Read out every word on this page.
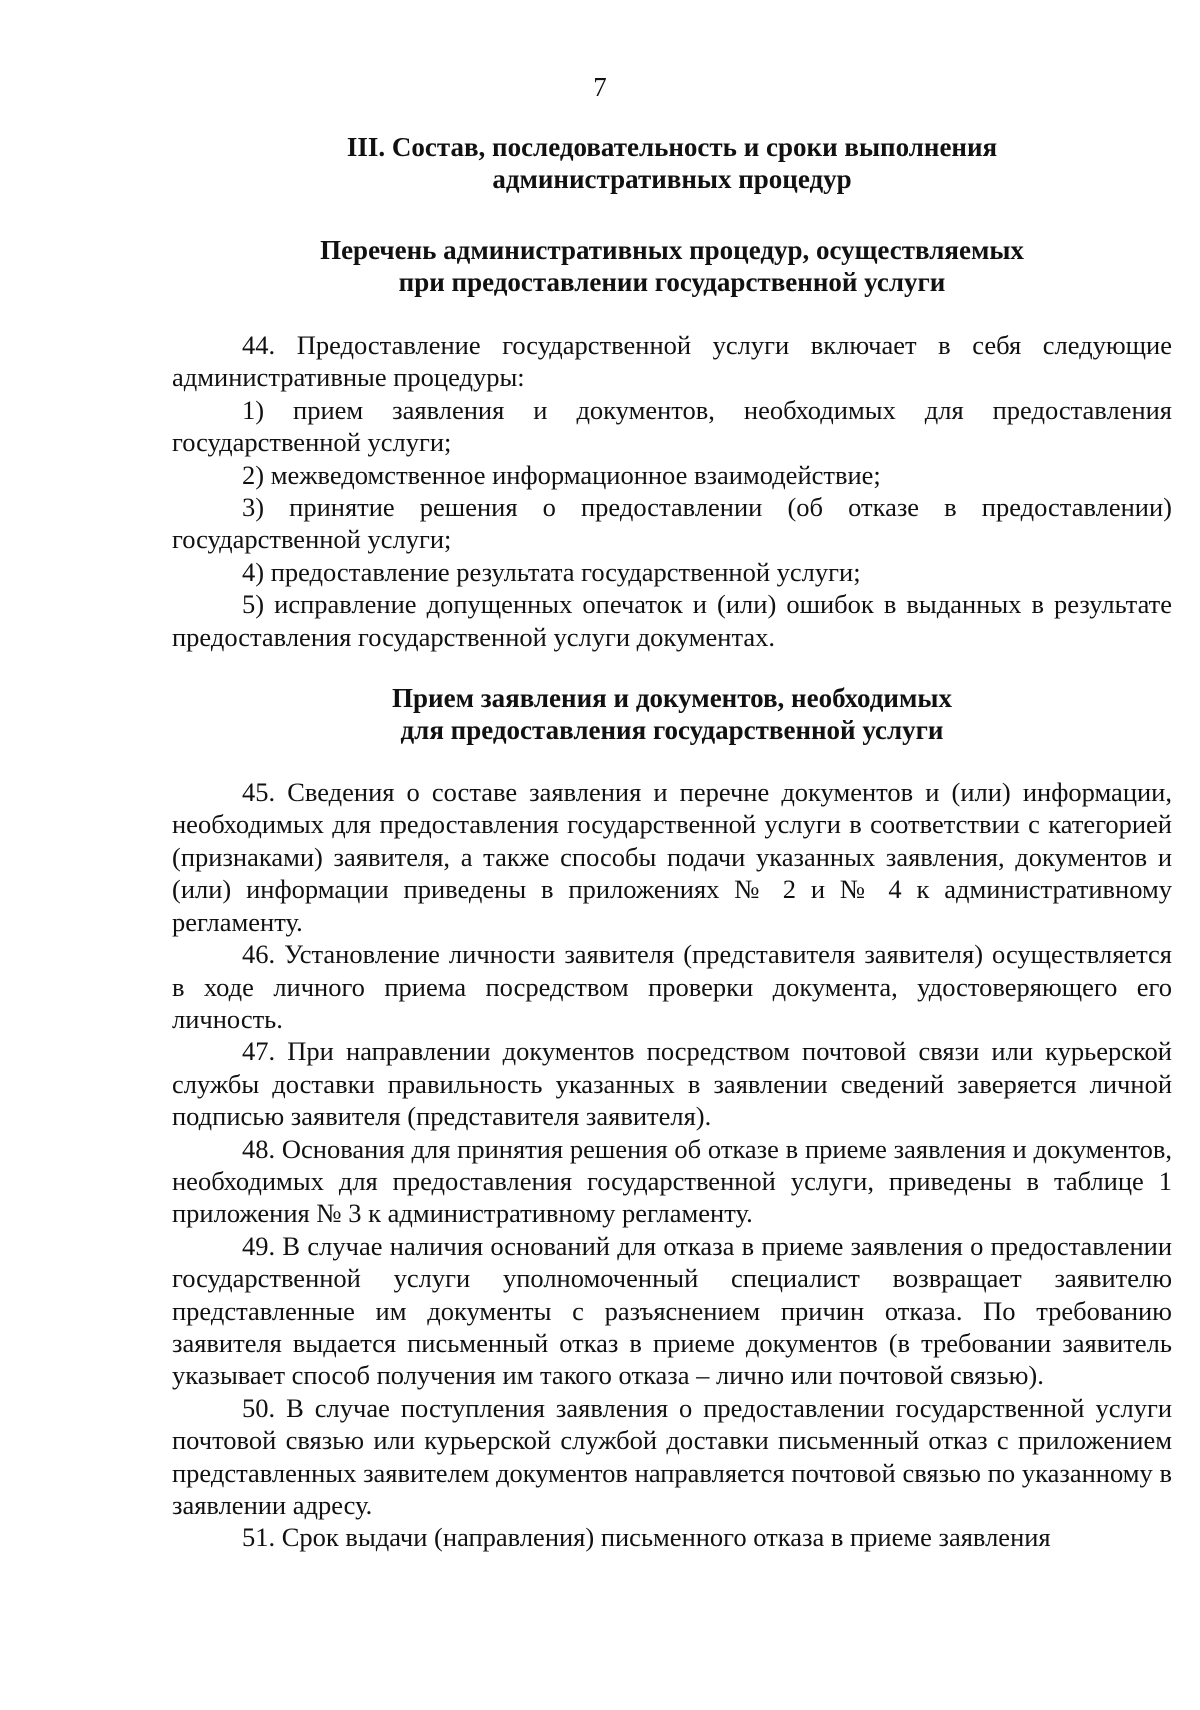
7
III. Состав, последовательность и сроки выполнения
административных процедур
Перечень административных процедур, осуществляемых
при предоставлении государственной услуги

44. Предоставление государственной услуги включает в себя следующие административные процедуры:

1) прием заявления и документов, необходимых для предоставления государственной услуги;

2) межведомственное информационное взаимодействие;

3) принятие решения о предоставлении (об отказе в предоставлении) государственной услуги;

4) предоставление результата государственной услуги;

5) исправление допущенных опечаток и (или) ошибок в выданных в результате предоставления государственной услуги документах.

Прием заявления и документов, необходимых
для предоставления государственной услуги

45. Сведения о составе заявления и перечне документов и (или) информации, необходимых для предоставления государственной услуги в соответствии с категорией (признаками) заявителя, а также способы подачи указанных заявления, документов и (или) информации приведены в приложениях № 2 и № 4 к административному регламенту.

46. Установление личности заявителя (представителя заявителя) осуществляется в ходе личного приема посредством проверки документа, удостоверяющего его личность.

47. При направлении документов посредством почтовой связи или курьерской службы доставки правильность указанных в заявлении сведений заверяется личной подписью заявителя (представителя заявителя).

48. Основания для принятия решения об отказе в приеме заявления и документов, необходимых для предоставления государственной услуги, приведены в таблице 1 приложения № 3 к административному регламенту.

49. В случае наличия оснований для отказа в приеме заявления о предоставлении государственной услуги уполномоченный специалист возвращает заявителю представленные им документы с разъяснением причин отказа. По требованию заявителя выдается письменный отказ в приеме документов (в требовании заявитель указывает способ получения им такого отказа – лично или почтовой связью).

50. В случае поступления заявления о предоставлении государственной услуги почтовой связью или курьерской службой доставки письменный отказ с приложением представленных заявителем документов направляется почтовой связью по указанному в заявлении адресу.

51. Срок выдачи (направления) письменного отказа в приеме заявления
